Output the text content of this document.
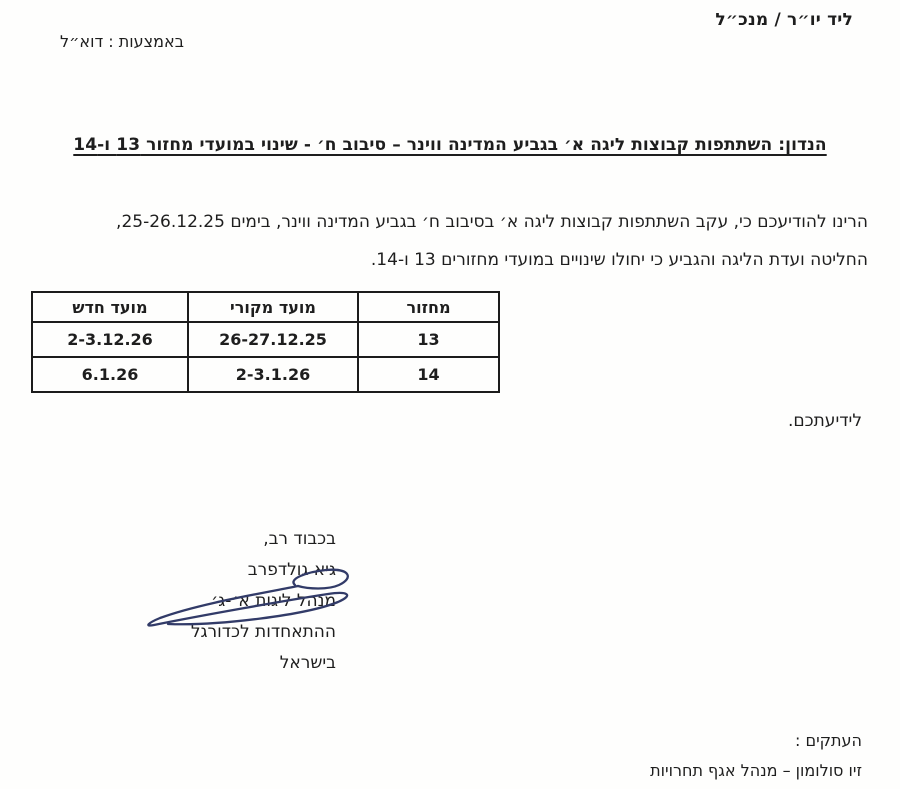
ליד יו״ר / מנכ״ל
באמצעות : דוא״ל
הנדון: השתתפות קבוצות ליגה א׳ בגביע המדינה ווינר – סיבוב ח׳ - שינוי במועדי מחזור 13 ו-14
הרינו להודיעכם כי, עקב השתתפות קבוצות ליגה א׳ בסיבוב ח׳ בגביע המדינה ווינר, בימים 25-26.12.25,
החליטה ועדת הליגה והגביע כי יחולו שינויים במועדי מחזורים 13 ו-14.
מחזור	מועד מקורי	מועד חדש
13	26-27.12.25	2-3.12.26
14	2-3.1.26	6.1.26
לידיעתכם.
בכבוד רב,
גיא גולדפרב
מנהל ליגות א׳-ג׳
ההתאחדות לכדורגל בישראל
העתקים :
זיו סולומון – מנהל אגף תחרויות
